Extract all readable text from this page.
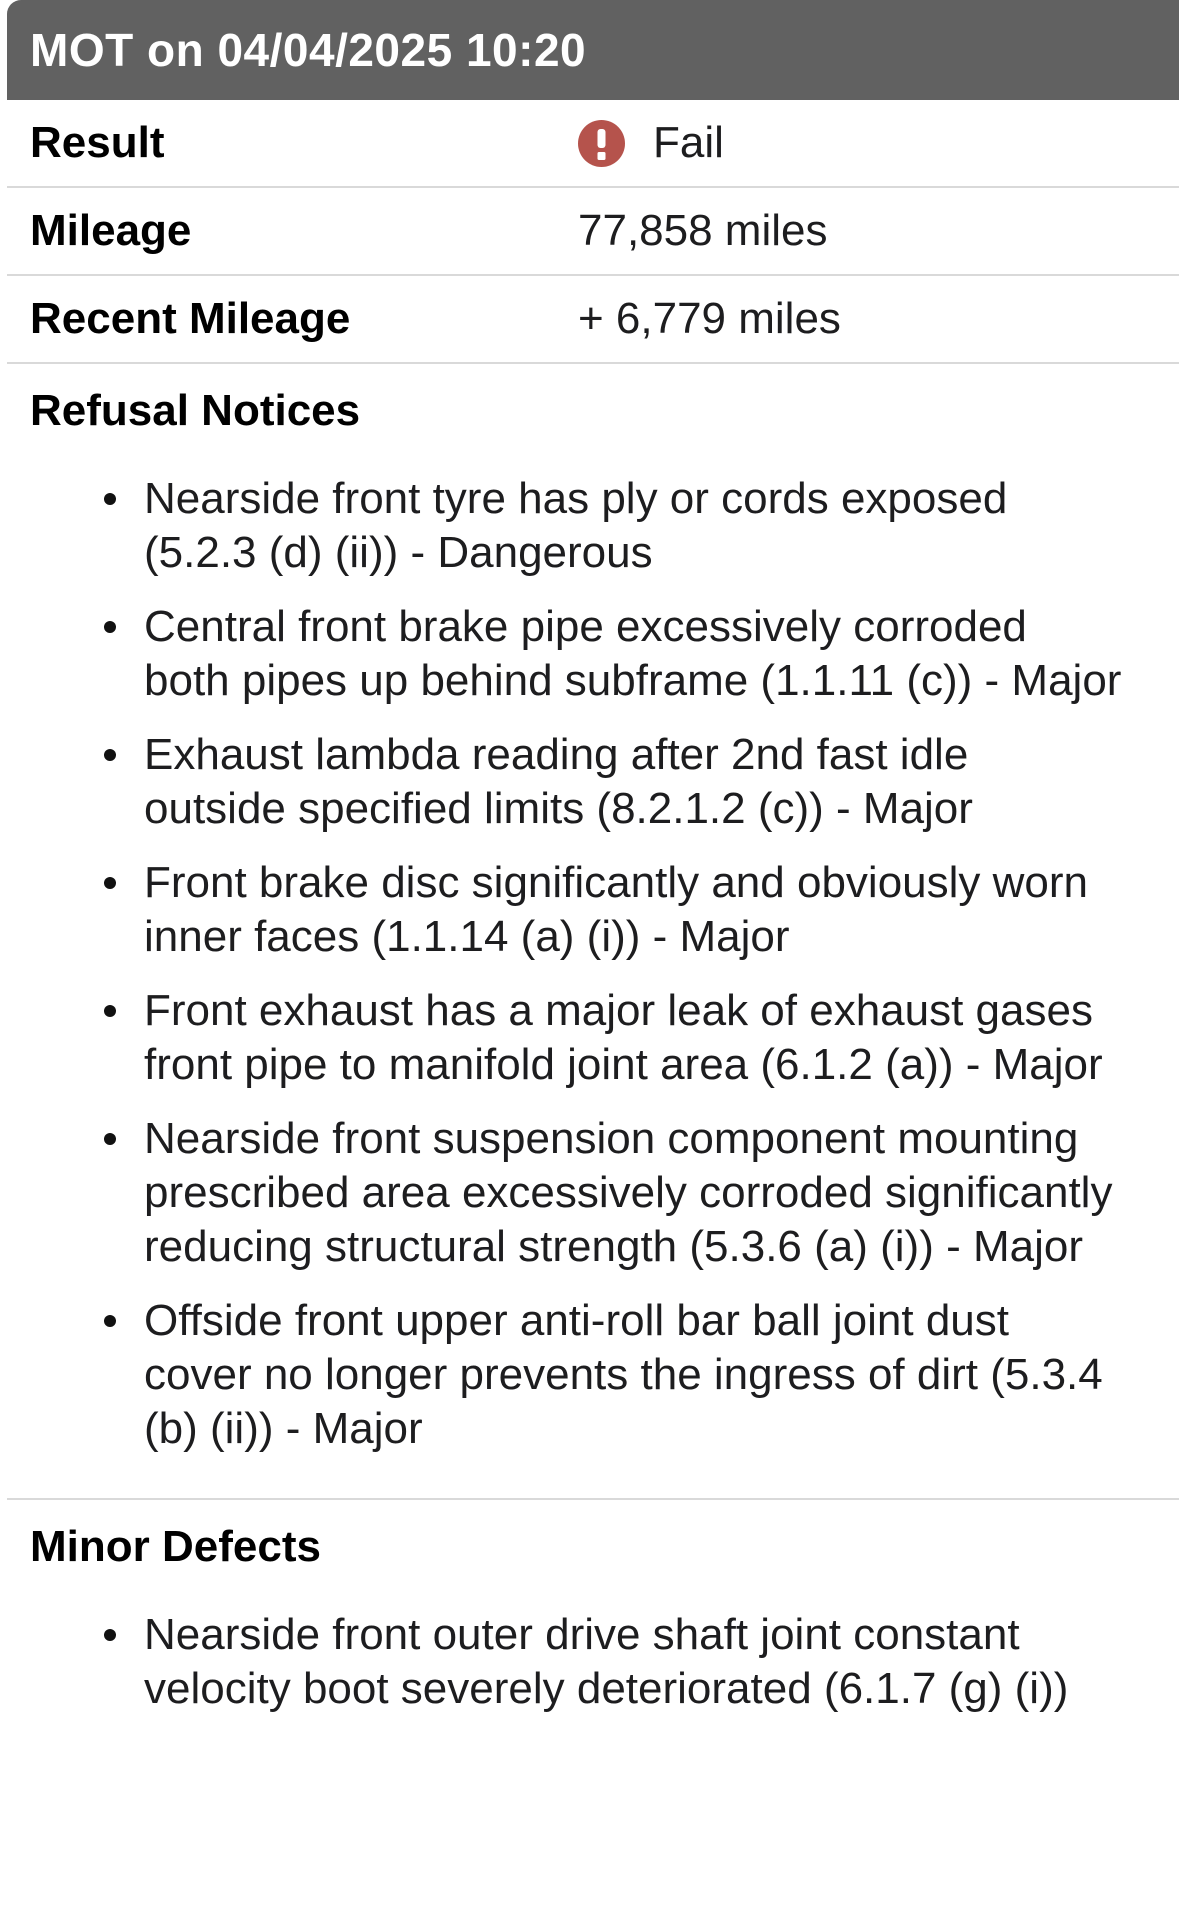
MOT on 04/04/2025 10:20
Result	Fail
Mileage	77,858 miles
Recent Mileage	+ 6,779 miles
Refusal Notices
Nearside front tyre has ply or cords exposed (5.2.3 (d) (ii)) - Dangerous
Central front brake pipe excessively corroded both pipes up behind subframe (1.1.11 (c)) - Major
Exhaust lambda reading after 2nd fast idle outside specified limits (8.2.1.2 (c)) - Major
Front brake disc significantly and obviously worn inner faces (1.1.14 (a) (i)) - Major
Front exhaust has a major leak of exhaust gases front pipe to manifold joint area (6.1.2 (a)) - Major
Nearside front suspension component mounting prescribed area excessively corroded significantly reducing structural strength (5.3.6 (a) (i)) - Major
Offside front upper anti-roll bar ball joint dust cover no longer prevents the ingress of dirt (5.3.4 (b) (ii)) - Major
Minor Defects
Nearside front outer drive shaft joint constant velocity boot severely deteriorated (6.1.7 (g) (i))
